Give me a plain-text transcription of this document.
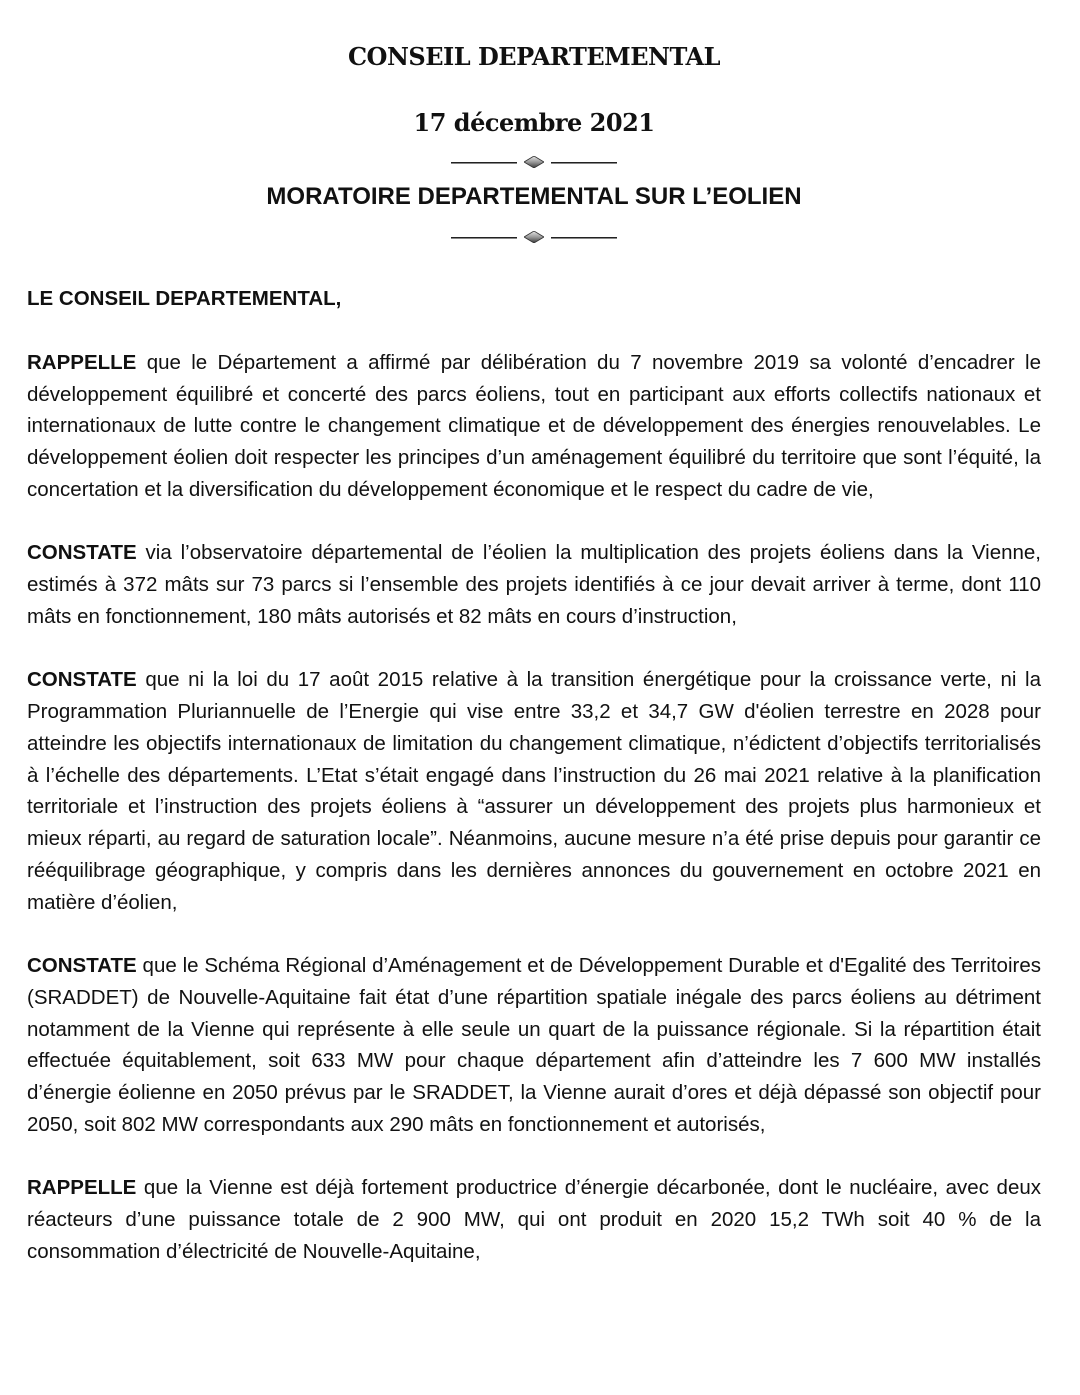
CONSEIL DEPARTEMENTAL
17 décembre 2021
MORATOIRE DEPARTEMENTAL SUR L’EOLIEN

LE CONSEIL DEPARTEMENTAL,

RAPPELLE que le Département a affirmé par délibération du 7 novembre 2019 sa volonté d’encadrer le développement équilibré et concerté des parcs éoliens, tout en participant aux efforts collectifs nationaux et internationaux de lutte contre le changement climatique et de développement des énergies renouvelables. Le développement éolien doit respecter les principes d’un aménagement équilibré du territoire que sont l’équité, la concertation et la diversification du développement économique et le respect du cadre de vie,

CONSTATE via l’observatoire départemental de l’éolien la multiplication des projets éoliens dans la Vienne, estimés à 372 mâts sur 73 parcs si l’ensemble des projets identifiés à ce jour devait arriver à terme, dont 110 mâts en fonctionnement, 180 mâts autorisés et 82 mâts en cours d’instruction,

CONSTATE que ni la loi du 17 août 2015 relative à la transition énergétique pour la croissance verte, ni la Programmation Pluriannuelle de l’Energie qui vise entre 33,2 et 34,7 GW d'éolien terrestre en 2028 pour atteindre les objectifs internationaux de limitation du changement climatique, n’édictent d’objectifs territorialisés à l’échelle des départements. L’Etat s’était engagé dans l’instruction du 26 mai 2021 relative à la planification territoriale et l’instruction des projets éoliens à “assurer un développement des projets plus harmonieux et mieux réparti, au regard de saturation locale”. Néanmoins, aucune mesure n’a été prise depuis pour garantir ce rééquilibrage géographique, y compris dans les dernières annonces du gouvernement en octobre 2021 en matière d’éolien,

CONSTATE que le Schéma Régional d’Aménagement et de Développement Durable et d'Egalité des Territoires (SRADDET) de Nouvelle-Aquitaine fait état d’une répartition spatiale inégale des parcs éoliens au détriment notamment de la Vienne qui représente à elle seule un quart de la puissance régionale. Si la répartition était effectuée équitablement, soit 633 MW pour chaque département afin d’atteindre les 7 600 MW installés d’énergie éolienne en 2050 prévus par le SRADDET, la Vienne aurait d’ores et déjà dépassé son objectif pour 2050, soit 802 MW correspondants aux 290 mâts en fonctionnement et autorisés,

RAPPELLE que la Vienne est déjà fortement productrice d’énergie décarbonée, dont le nucléaire, avec deux réacteurs d’une puissance totale de 2 900 MW, qui ont produit en 2020 15,2 TWh soit 40 % de la consommation d’électricité de Nouvelle-Aquitaine,
